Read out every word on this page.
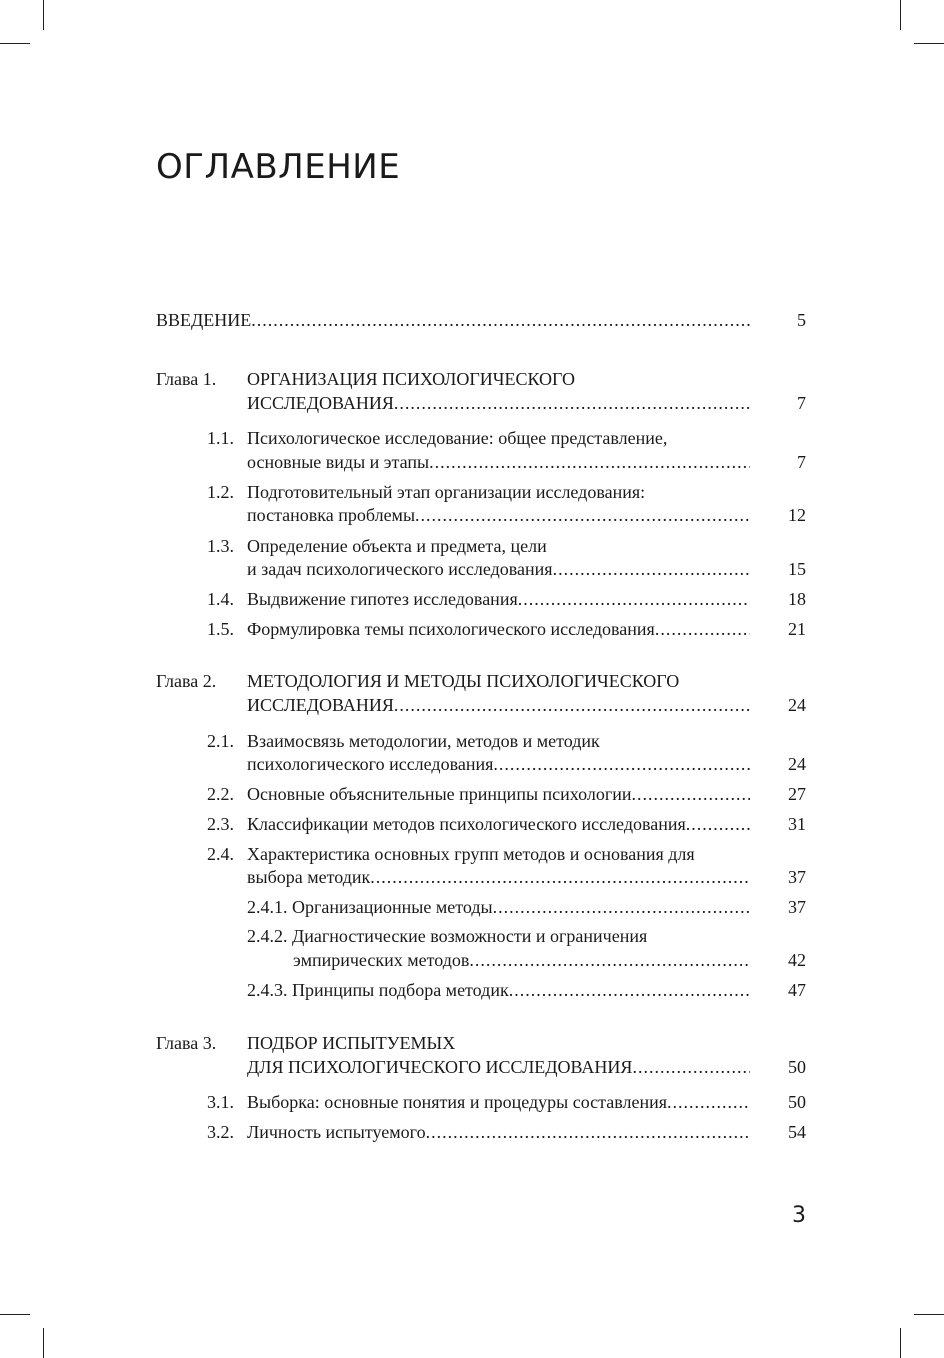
ОГЛАВЛЕНИЕ
ВВЕДЕНИЕ .....	5
Глава 1. ОРГАНИЗАЦИЯ ПСИХОЛОГИЧЕСКОГО
ИССЛЕДОВАНИЯ .....	7
1.1. Психологическое исследование: общее представление,
основные виды и этапы .....	7
1.2. Подготовительный этап организации исследования:
постановка проблемы .....	12
1.3. Определение объекта и предмета, цели
и задач психологического исследования .....	15
1.4. Выдвижение гипотез исследования .....	18
1.5. Формулировка темы психологического исследования .....	21
Глава 2. МЕТОДОЛОГИЯ И МЕТОДЫ ПСИХОЛОГИЧЕСКОГО
ИССЛЕДОВАНИЯ .....	24
2.1. Взаимосвязь методологии, методов и методик
психологического исследования .....	24
2.2. Основные объяснительные принципы психологии .....	27
2.3. Классификации методов психологического исследования .....	31
2.4. Характеристика основных групп методов и основания для
выбора методик .....	37
2.4.1. Организационные методы .....	37
2.4.2. Диагностические возможности и ограничения
эмпирических методов .....	42
2.4.3. Принципы подбора методик .....	47
Глава 3. ПОДБОР ИСПЫТУЕМЫХ
ДЛЯ ПСИХОЛОГИЧЕСКОГО ИССЛЕДОВАНИЯ .....	50
3.1. Выборка: основные понятия и процедуры составления .....	50
3.2. Личность испытуемого .....	54
3
